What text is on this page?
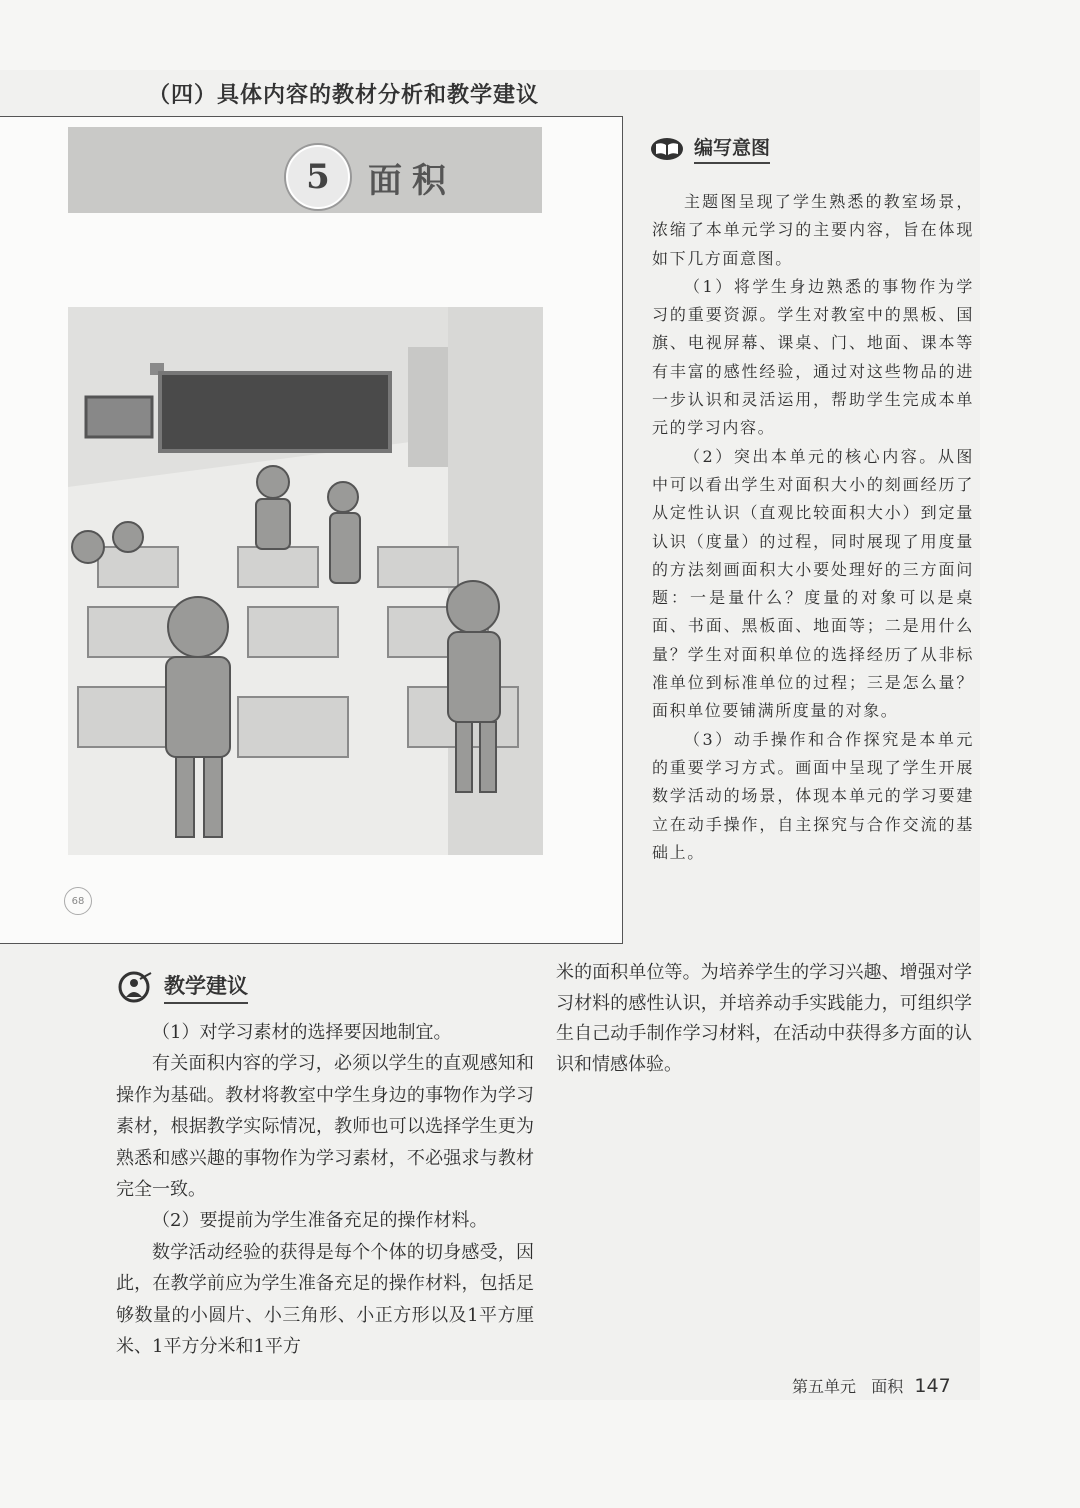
（四）具体内容的教材分析和教学建议
5	面积
68
编写意图

主题图呈现了学生熟悉的教室场景，浓缩了本单元学习的主要内容，旨在体现如下几方面意图。

（1）将学生身边熟悉的事物作为学习的重要资源。学生对教室中的黑板、国旗、电视屏幕、课桌、门、地面、课本等有丰富的感性经验，通过对这些物品的进一步认识和灵活运用，帮助学生完成本单元的学习内容。

（2）突出本单元的核心内容。从图中可以看出学生对面积大小的刻画经历了从定性认识（直观比较面积大小）到定量认识（度量）的过程，同时展现了用度量的方法刻画面积大小要处理好的三方面问题：一是量什么？度量的对象可以是桌面、书面、黑板面、地面等；二是用什么量？学生对面积单位的选择经历了从非标准单位到标准单位的过程；三是怎么量？面积单位要铺满所度量的对象。

（3）动手操作和合作探究是本单元的重要学习方式。画面中呈现了学生开展数学活动的场景，体现本单元的学习要建立在动手操作，自主探究与合作交流的基础上。

教学建议

（1）对学习素材的选择要因地制宜。

有关面积内容的学习，必须以学生的直观感知和操作为基础。教材将教室中学生身边的事物作为学习素材，根据教学实际情况，教师也可以选择学生更为熟悉和感兴趣的事物作为学习素材，不必强求与教材完全一致。

（2）要提前为学生准备充足的操作材料。

数学活动经验的获得是每个个体的切身感受，因此，在教学前应为学生准备充足的操作材料，包括足够数量的小圆片、小三角形、小正方形以及1平方厘米、1平方分米和1平方

米的面积单位等。为培养学生的学习兴趣、增强对学习材料的感性认识，并培养动手实践能力，可组织学生自己动手制作学习材料，在活动中获得多方面的认识和情感体验。

第五单元 面积 147
